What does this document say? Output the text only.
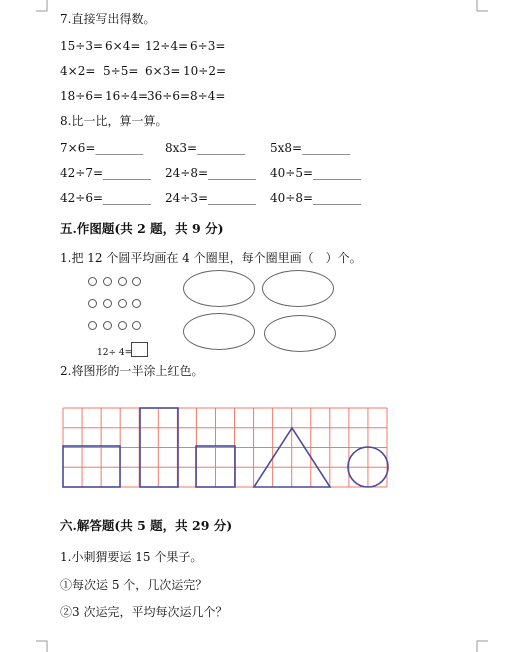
7.直接写出得数。
15÷3= 6×4= 12÷4= 6÷3=
4×2= 5÷5= 6×3= 10÷2=
18÷6= 16÷4=
36÷6= 8÷4=
8.比一比，算一算。
7×6=________ 8x3=________ 5x8=________
42÷7=________ 24÷8=________ 40÷5=________
42÷6=________ 24÷3=________ 40÷8=________
五.作图题(共 2 题，共 9 分)
1.把 12 个圆平均画在 4 个圈里，每个圈里画（　）个。
12÷ 4=
2.将图形的一半涂上红色。
六.解答题(共 5 题，共 29 分)
1.小刺猬要运 15 个果子。
①每次运 5 个，几次运完？
②3 次运完，平均每次运几个？
